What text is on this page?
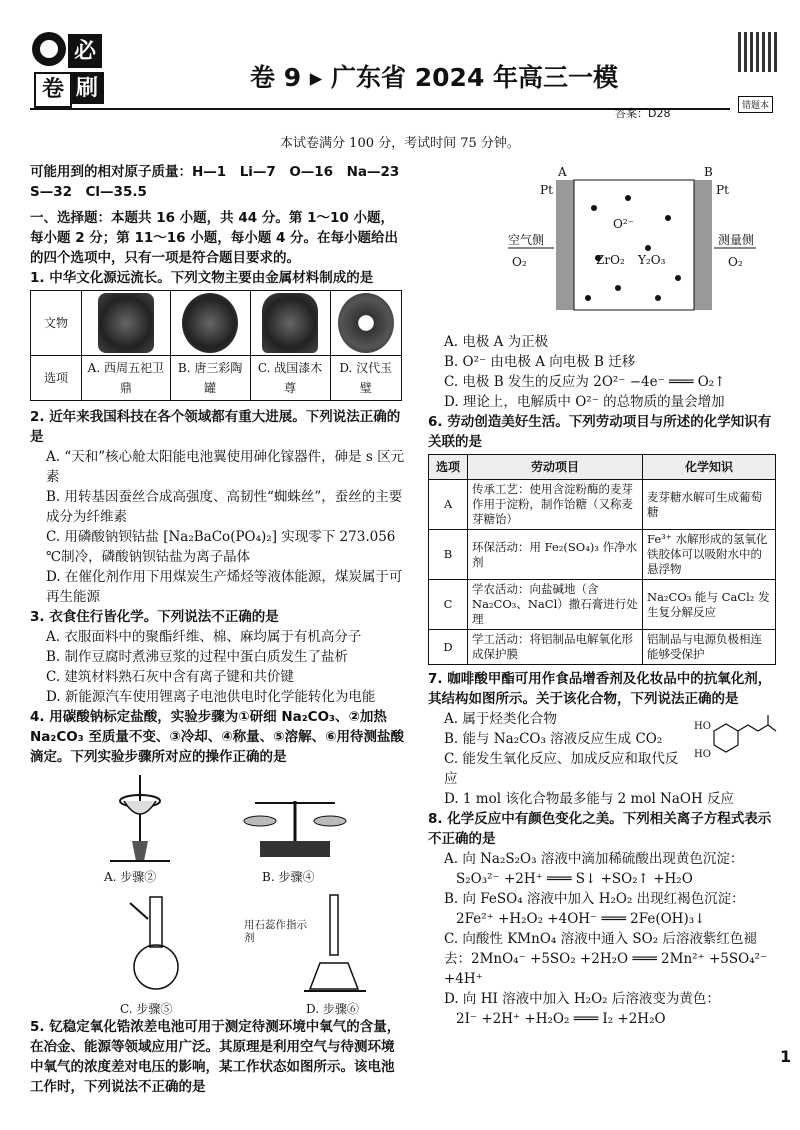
必
卷 刷	卷 9 ▸ 广东省 2024 年高三一模
答案：D28
错题本
本试卷满分 100 分，考试时间 75 分钟。

可能用到的相对原子质量：H—1　Li—7　O—16　Na—23

S—32　Cl—35.5

一、选择题：本题共 16 小题，共 44 分。第 1～10 小题，每小题 2 分；第 11～16 小题，每小题 4 分。在每小题给出的四个选项中，只有一项是符合题目要求的。

1. 中华文化源远流长。下列文物主要由金属材料制成的是

文物	

选项	A. 西周五祀卫鼎	B. 唐三彩陶罐	C. 战国漆木尊	D. 汉代玉璧

2. 近年来我国科技在各个领域都有重大进展。下列说法正确的是

A. “天和”核心舱太阳能电池翼使用砷化镓器件，砷是 s 区元素

B. 用转基因蚕丝合成高强度、高韧性“蜘蛛丝”，蚕丝的主要成分为纤维素

C. 用磷酸钠钡钴盐 [Na₂BaCo(PO₄)₂] 实现零下 273.056 ℃制冷，磷酸钠钡钴盐为离子晶体

D. 在催化剂作用下用煤炭生产烯烃等液体能源，煤炭属于可再生能源

3. 衣食住行皆化学。下列说法不正确的是

A. 衣服面料中的聚酯纤维、棉、麻均属于有机高分子

B. 制作豆腐时煮沸豆浆的过程中蛋白质发生了盐析

C. 建筑材料熟石灰中含有离子键和共价键

D. 新能源汽车使用锂离子电池供电时化学能转化为电能

4. 用碳酸钠标定盐酸，实验步骤为①研细 Na₂CO₃、②加热 Na₂CO₃ 至质量不变、③冷却、④称量、⑤溶解、⑥用待测盐酸滴定。下列实验步骤所对应的操作正确的是

A. 步骤②	B. 步骤④
C. 步骤⑤
用石蕊作指示剂
D. 步骤⑥

5. 钇稳定氧化锆浓差电池可用于测定待测环境中氧气的含量，在冶金、能源等领域应用广泛。其原理是利用空气与待测环境中氧气的浓度差对电压的影响，某工作状态如图所示。该电池工作时，下列说法不正确的是

A	B
Pt	Pt
空气侧
O₂
测量侧
O₂
O²⁻
ZrO₂ Y₂O₃

A. 电极 A 为正极

B. O²⁻ 由电极 A 向电极 B 迁移

C. 电极 B 发生的反应为 2O²⁻ −4e⁻ ═══ O₂↑

D. 理论上，电解质中 O²⁻ 的总物质的量会增加

6. 劳动创造美好生活。下列劳动项目与所述的化学知识有关联的是

选项	劳动项目	化学知识
A	传承工艺：使用含淀粉酶的麦芽作用于淀粉，制作饴糖（又称麦芽糖饴）	麦芽糖水解可生成葡萄糖
B	环保活动：用 Fe₂(SO₄)₃ 作净水剂	Fe³⁺ 水解形成的氢氧化铁胶体可以吸附水中的悬浮物
C	学农活动：向盐碱地（含 Na₂CO₃、NaCl）撒石膏进行处理	Na₂CO₃ 能与 CaCl₂ 发生复分解反应
D	学工活动：将铝制品电解氧化形成保护膜	铝制品与电源负极相连能够受保护

7. 咖啡酸甲酯可用作食品增香剂及化妆品中的抗氧化剂，其结构如图所示。关于该化合物，下列说法正确的是

A. 属于烃类化合物

B. 能与 Na₂CO₃ 溶液反应生成 CO₂

C. 能发生氧化反应、加成反应和取代反应

D. 1 mol 该化合物最多能与 2 mol NaOH 反应

HO
HO

8. 化学反应中有颜色变化之美。下列相关离子方程式表示不正确的是

A. 向 Na₂S₂O₃ 溶液中滴加稀硫酸出现黄色沉淀：

S₂O₃²⁻ +2H⁺ ═══ S↓ +SO₂↑ +H₂O

B. 向 FeSO₄ 溶液中加入 H₂O₂ 出现红褐色沉淀：

2Fe²⁺ +H₂O₂ +4OH⁻ ═══ 2Fe(OH)₃↓

C. 向酸性 KMnO₄ 溶液中通入 SO₂ 后溶液紫红色褪去：2MnO₄⁻ +5SO₂ +2H₂O ═══ 2Mn²⁺ +5SO₄²⁻ +4H⁺

D. 向 HI 溶液中加入 H₂O₂ 后溶液变为黄色：

2I⁻ +2H⁺ +H₂O₂ ═══ I₂ +2H₂O

1
